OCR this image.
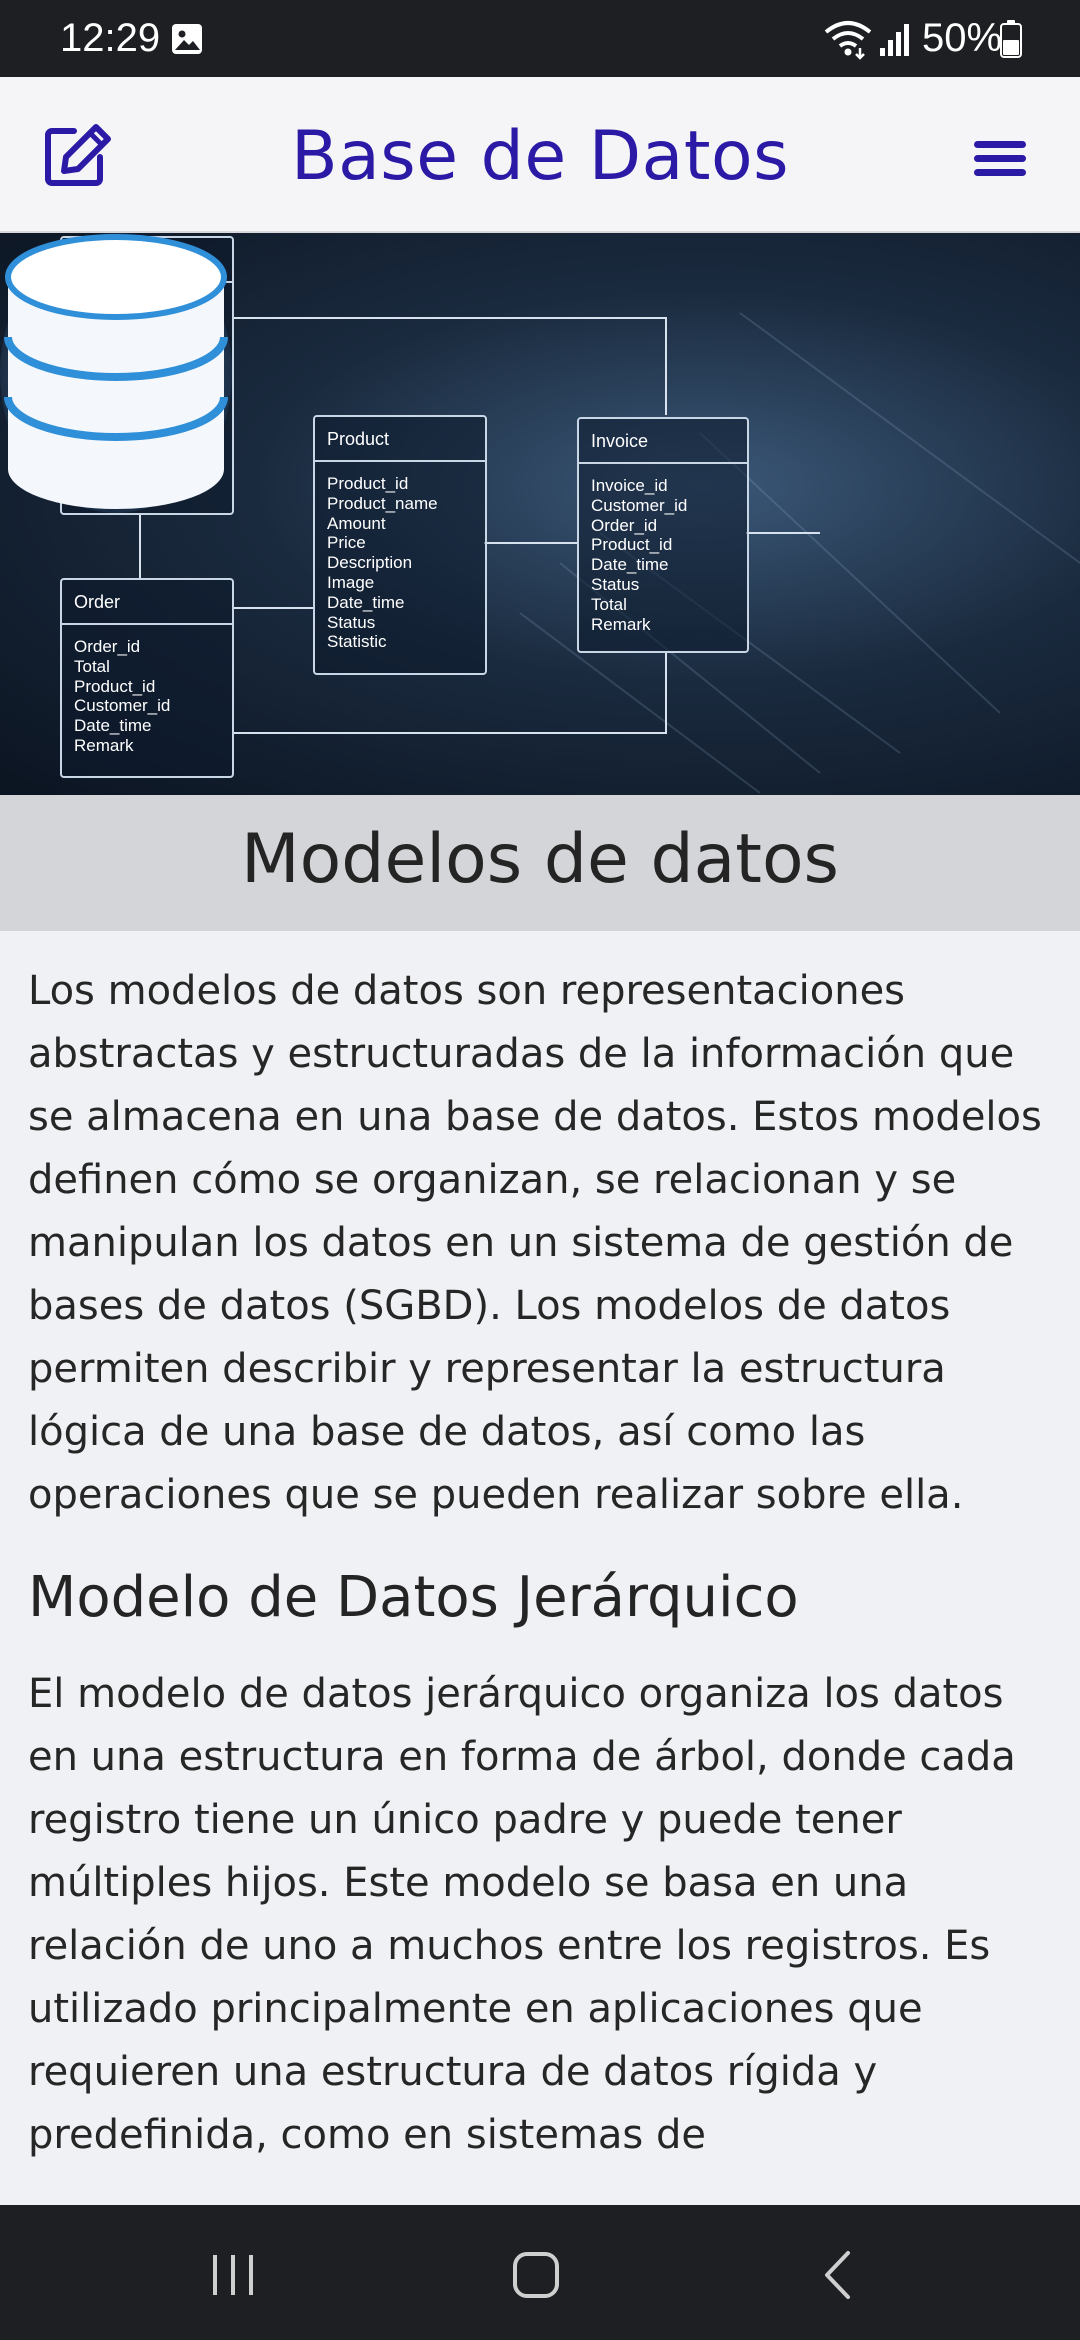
12:29	50%
Base de Datos
Product
Product_id
Product_name
Amount
Price
Description
Image
Date_time
Status
Statistic
Invoice
Invoice_id
Customer_id
Order_id
Product_id
Date_time
Status
Total
Remark
Order
Order_id
Total
Product_id
Customer_id
Date_time
Remark
Modelos de datos

Los modelos de datos son representaciones abstractas y estructuradas de la información que se almacena en una base de datos. Estos modelos definen cómo se organizan, se relacionan y se manipulan los datos en un sistema de gestión de bases de datos (SGBD). Los modelos de datos permiten describir y representar la estructura lógica de una base de datos, así como las operaciones que se pueden realizar sobre ella.

Modelo de Datos Jerárquico

El modelo de datos jerárquico organiza los datos en una estructura en forma de árbol, donde cada registro tiene un único padre y puede tener múltiples hijos. Este modelo se basa en una relación de uno a muchos entre los registros. Es utilizado principalmente en aplicaciones que requieren una estructura de datos rígida y predefinida, como en sistemas de
